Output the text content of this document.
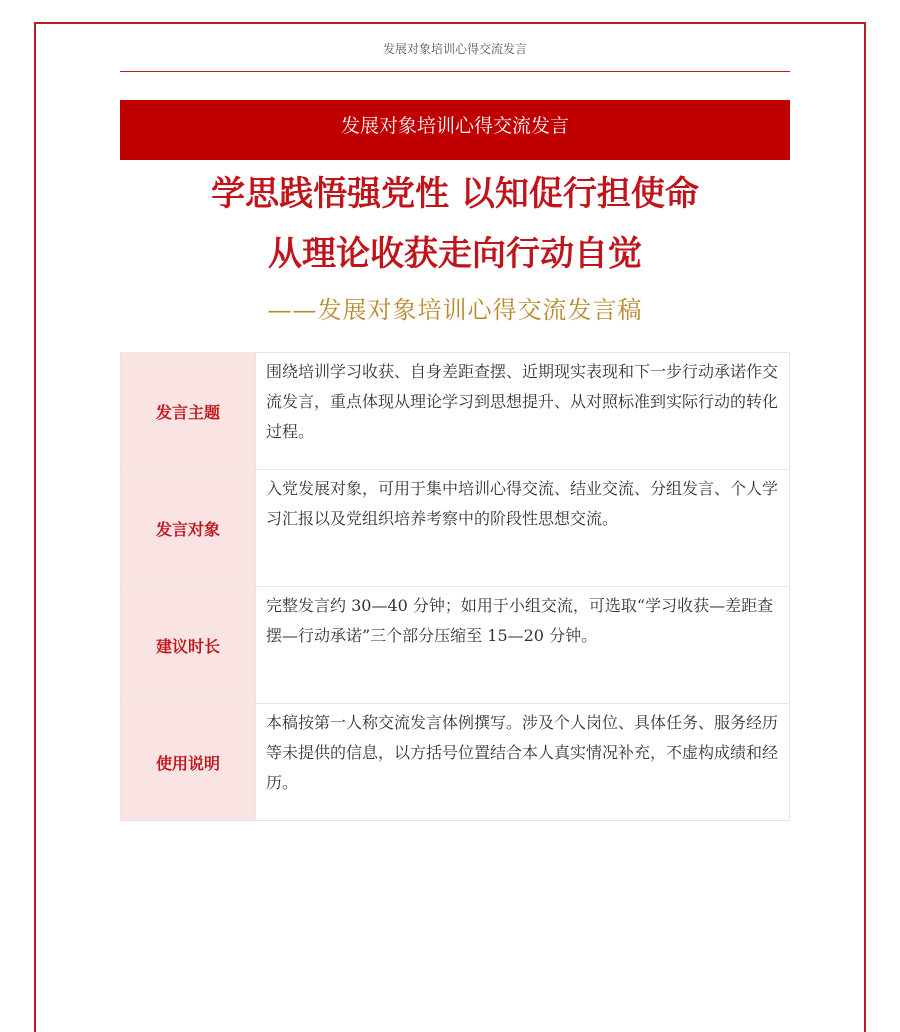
发展对象培训心得交流发言
发展对象培训心得交流发言
学思践悟强党性 以知促行担使命
从理论收获走向行动自觉
——发展对象培训心得交流发言稿
发言主题	围绕培训学习收获、自身差距查摆、近期现实表现和下一步行动承诺作交流发言，重点体现从理论学习到思想提升、从对照标准到实际行动的转化过程。
发言对象	入党发展对象，可用于集中培训心得交流、结业交流、分组发言、个人学习汇报以及党组织培养考察中的阶段性思想交流。
建议时长	完整发言约 30—40 分钟；如用于小组交流，可选取“学习收获—差距查摆—行动承诺”三个部分压缩至 15—20 分钟。
使用说明	本稿按第一人称交流发言体例撰写。涉及个人岗位、具体任务、服务经历等未提供的信息，以方括号位置结合本人真实情况补充，不虚构成绩和经历。
